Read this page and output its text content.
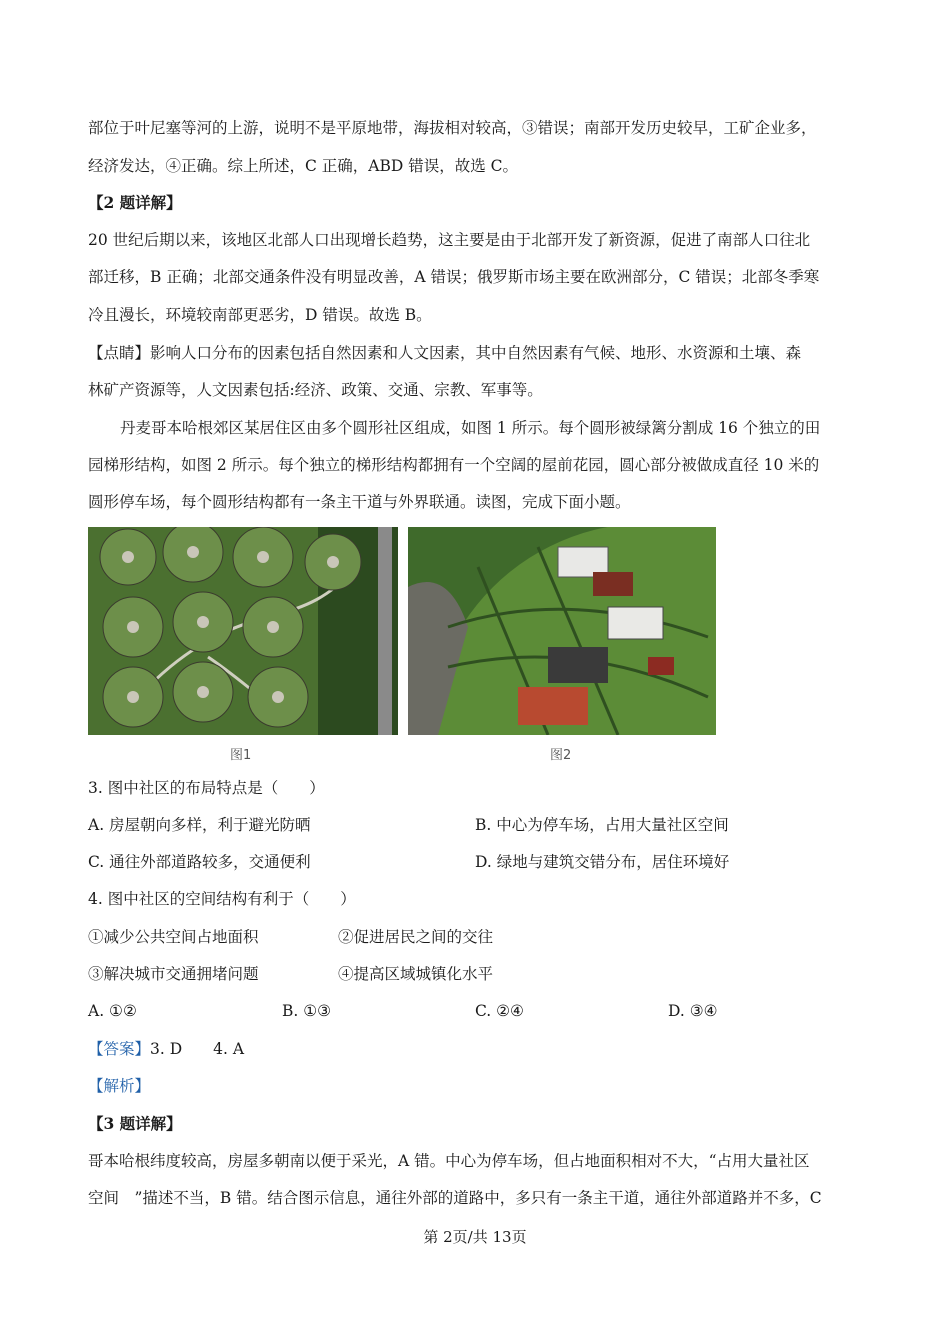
部位于叶尼塞等河的上游，说明不是平原地带，海拔相对较高，③错误；南部开发历史较早，工矿企业多，
经济发达，④正确。综上所述，C 正确，ABD 错误，故选 C。
【2 题详解】
20 世纪后期以来，该地区北部人口出现增长趋势，这主要是由于北部开发了新资源，促进了南部人口往北
部迁移，B 正确；北部交通条件没有明显改善，A 错误；俄罗斯市场主要在欧洲部分，C 错误；北部冬季寒
冷且漫长，环境较南部更恶劣，D 错误。故选 B。
【点睛】影响人口分布的因素包括自然因素和人文因素，其中自然因素有气候、地形、水资源和土壤、森
林矿产资源等，人文因素包括:经济、政策、交通、宗教、军事等。
丹麦哥本哈根郊区某居住区由多个圆形社区组成，如图 1 所示。每个圆形被绿篱分割成 16 个独立的田
园梯形结构，如图 2 所示。每个独立的梯形结构都拥有一个空阔的屋前花园，圆心部分被做成直径 10 米的
圆形停车场，每个圆形结构都有一条主干道与外界联通。读图，完成下面小题。
图1	图2
3. 图中社区的布局特点是（　　）
A. 房屋朝向多样，利于避光防晒	B. 中心为停车场，占用大量社区空间
C. 通往外部道路较多，交通便利	D. 绿地与建筑交错分布，居住环境好
4. 图中社区的空间结构有利于（　　）
①减少公共空间占地面积	②促进居民之间的交往
③解决城市交通拥堵问题	④提高区域城镇化水平
A. ①②	B. ①③	C. ②④	D. ③④
【答案】3. D　　4. A
【解析】
【3 题详解】
哥本哈根纬度较高，房屋多朝南以便于采光，A 错。中心为停车场，但占地面积相对不大，“占用大量社区
空间　”描述不当，B 错。结合图示信息，通往外部的道路中，多只有一条主干道，通往外部道路并不多，C
第 2页/共 13页
